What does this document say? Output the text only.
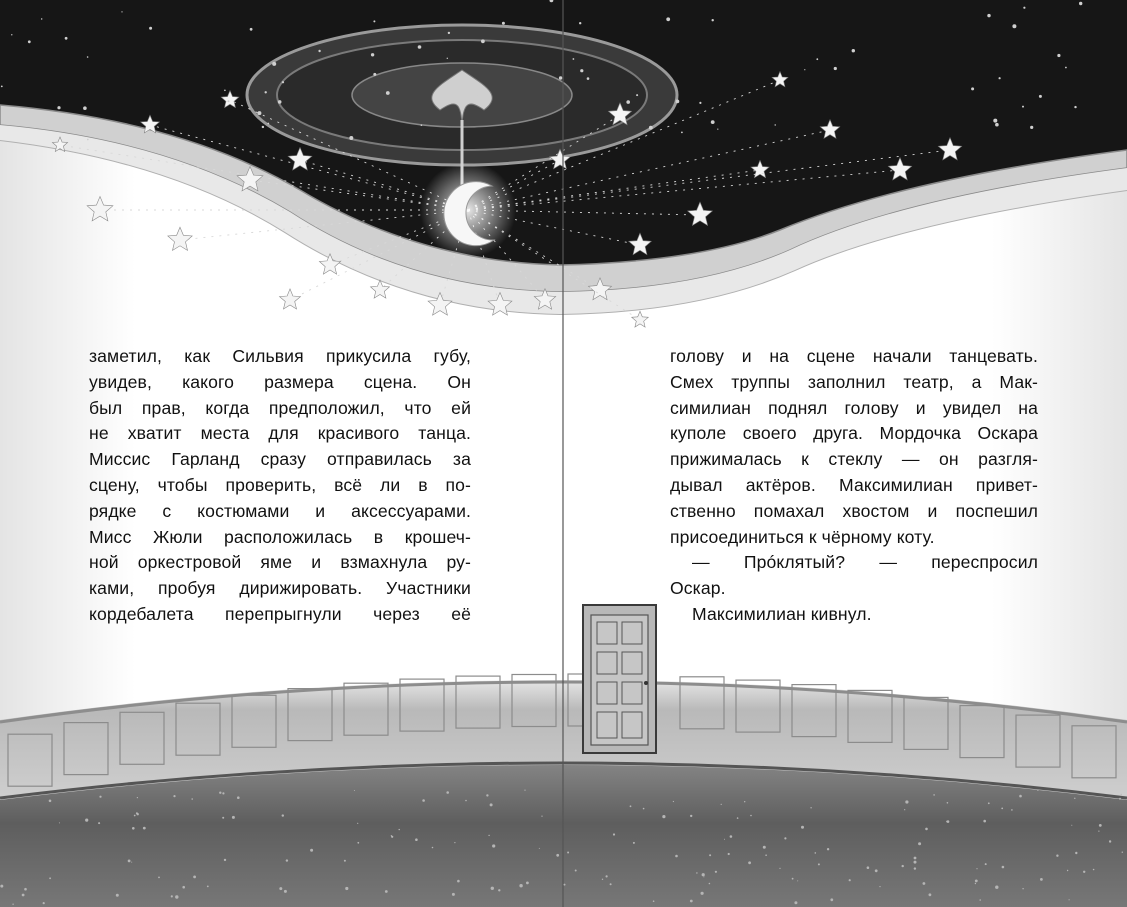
заметил, как Сильвия прикусила губу,
увидев, какого размера сцена. Он
был прав, когда предположил, что ей
не хватит места для красивого танца.
Миссис Гарланд сразу отправилась за
сцену, чтобы проверить, всё ли в по-
рядке с костюмами и аксессуарами.
Мисс Жюли расположилась в крошеч-
ной оркестровой яме и взмахнула ру-
ками, пробуя дирижировать. Участники
кордебалета перепрыгнули через её
голову и на сцене начали танцевать.
Смех труппы заполнил театр, а Мак-
симилиан поднял голову и увидел на
куполе своего друга. Мордочка Оскара
прижималась к стеклу — он разгля-
дывал актёров. Максимилиан привет-
ственно помахал хвостом и поспешил
присоединиться к чёрному коту.
— Прóклятый? — переспросил
Оскар.
Максимилиан кивнул.
